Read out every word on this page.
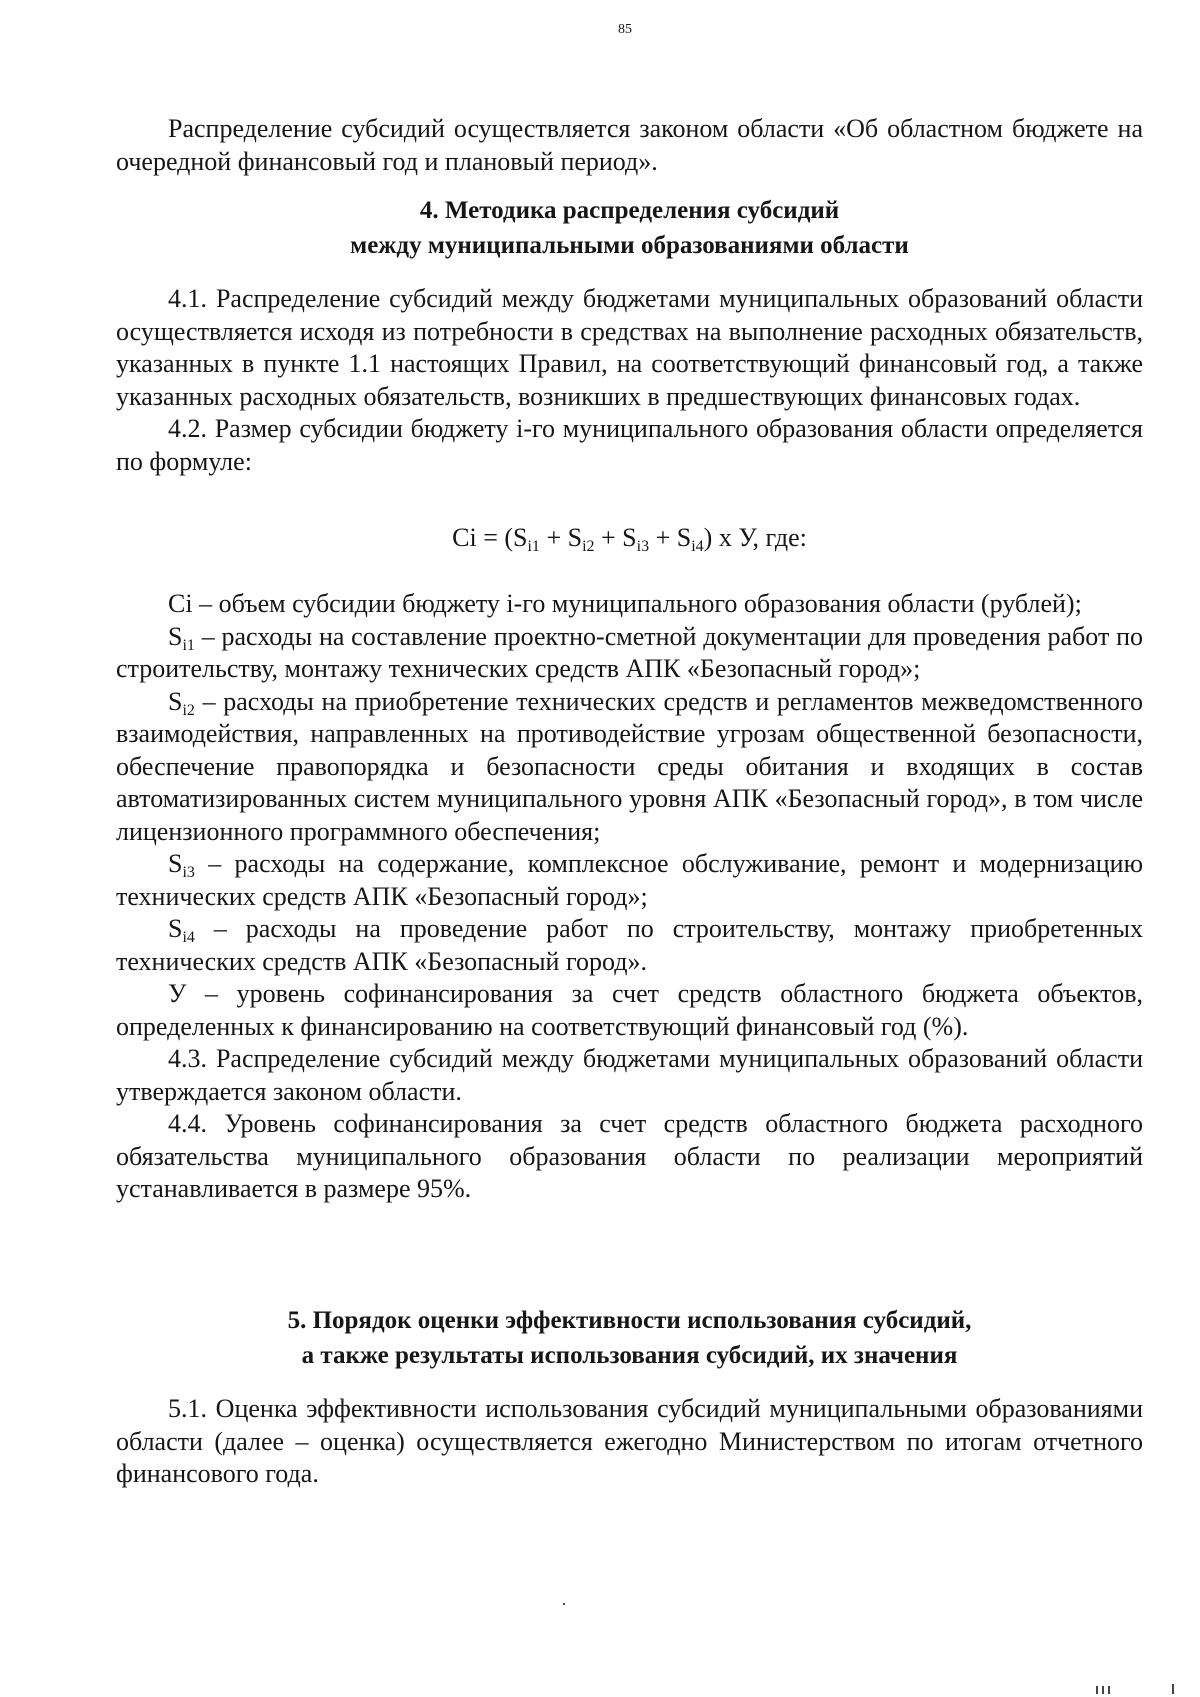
85

Распределение субсидий осуществляется законом области «Об областном бюджете на очередной финансовый год и плановый период».

4. Методика распределения субсидий
между муниципальными образованиями области

4.1. Распределение субсидий между бюджетами муниципальных образований области осуществляется исходя из потребности в средствах на выполнение расходных обязательств, указанных в пункте 1.1 настоящих Правил, на соответствующий финансовый год, а также указанных расходных обязательств, возникших в предшествующих финансовых годах.

4.2. Размер субсидии бюджету i-го муниципального образования области определяется по формуле:

$Ci = (S_{i1} + S_{i2} + S_{i3} + S_{i4})$ х У, где:

Ci – объем субсидии бюджету i-го муниципального образования области (рублей);

$S_{i1}$ – расходы на составление проектно-сметной документации для проведения работ по строительству, монтажу технических средств АПК «Безопасный город»;

$S_{i2}$ – расходы на приобретение технических средств и регламентов межведомственного взаимодействия, направленных на противодействие угрозам общественной безопасности, обеспечение правопорядка и безопасности среды обитания и входящих в состав автоматизированных систем муниципального уровня АПК «Безопасный город», в том числе лицензионного программного обеспечения;

$S_{i3}$ – расходы на содержание, комплексное обслуживание, ремонт и модернизацию технических средств АПК «Безопасный город»;

$S_{i4}$ – расходы на проведение работ по строительству, монтажу приобретенных технических средств АПК «Безопасный город».

У – уровень софинансирования за счет средств областного бюджета объектов, определенных к финансированию на соответствующий финансовый год (%).

4.3. Распределение субсидий между бюджетами муниципальных образований области утверждается законом области.

4.4. Уровень софинансирования за счет средств областного бюджета расходного обязательства муниципального образования области по реализации мероприятий устанавливается в размере 95%.

5. Порядок оценки эффективности использования субсидий,
а также результаты использования субсидий, их значения

5.1. Оценка эффективности использования субсидий муниципальными образованиями области (далее – оценка) осуществляется ежегодно Министерством по итогам отчетного финансового года.
